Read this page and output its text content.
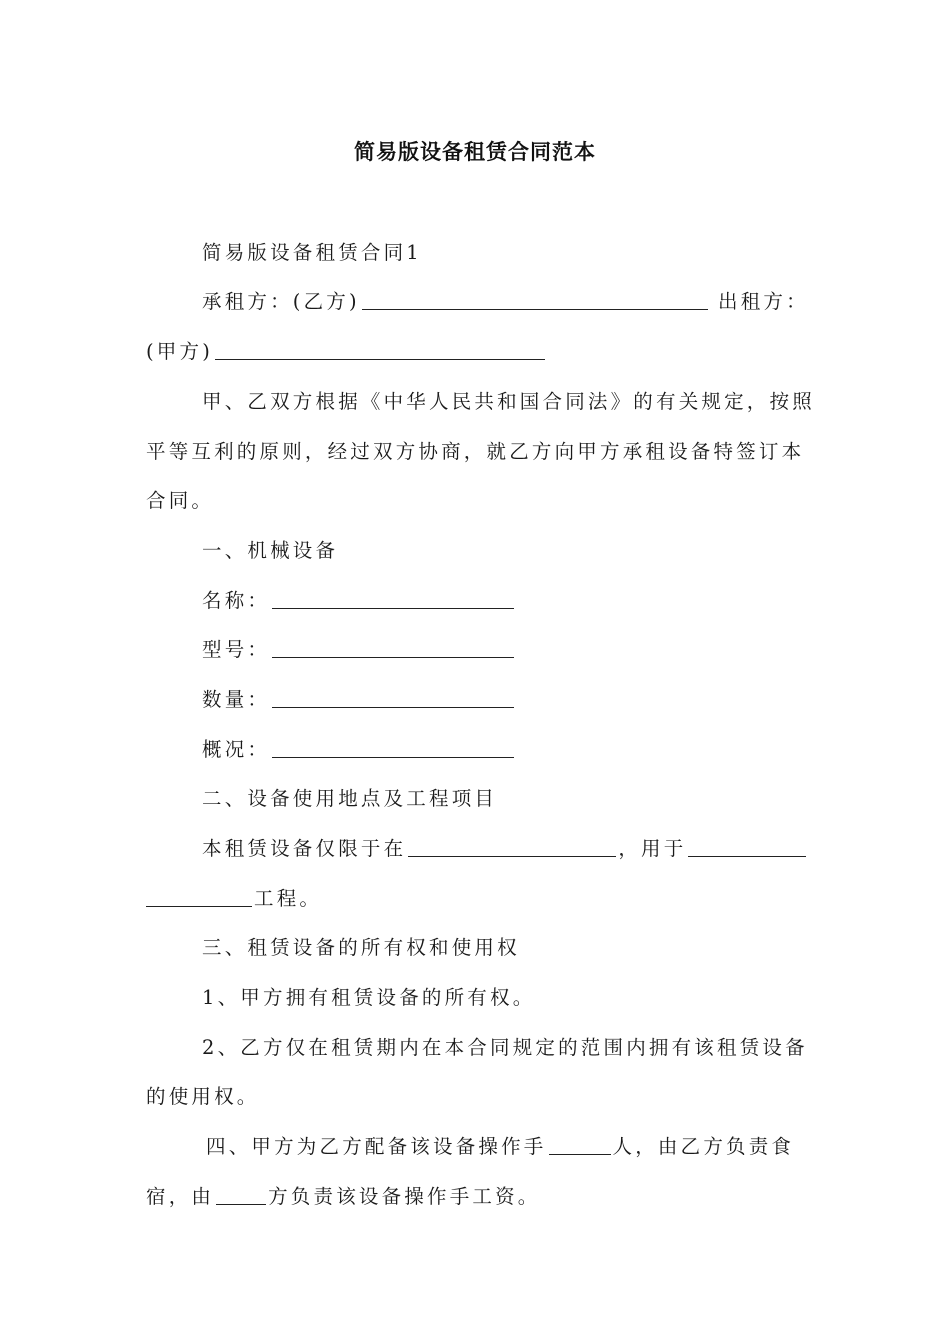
简易版设备租赁合同范本
简易版设备租赁合同1
承租方：(乙方)	出租方：
(甲方)
甲、乙双方根据《中华人民共和国合同法》的有关规定，按照
平等互利的原则，经过双方协商，就乙方向甲方承租设备特签订本
合同。
一、机械设备
名称：
型号：
数量：
概况：
二、设备使用地点及工程项目
本租赁设备仅限于在	，用于
工程。
三、租赁设备的所有权和使用权
1、甲方拥有租赁设备的所有权。
2、乙方仅在租赁期内在本合同规定的范围内拥有该租赁设备
的使用权。
四、甲方为乙方配备该设备操作手	人，由乙方负责食
宿，由	方负责该设备操作手工资。
